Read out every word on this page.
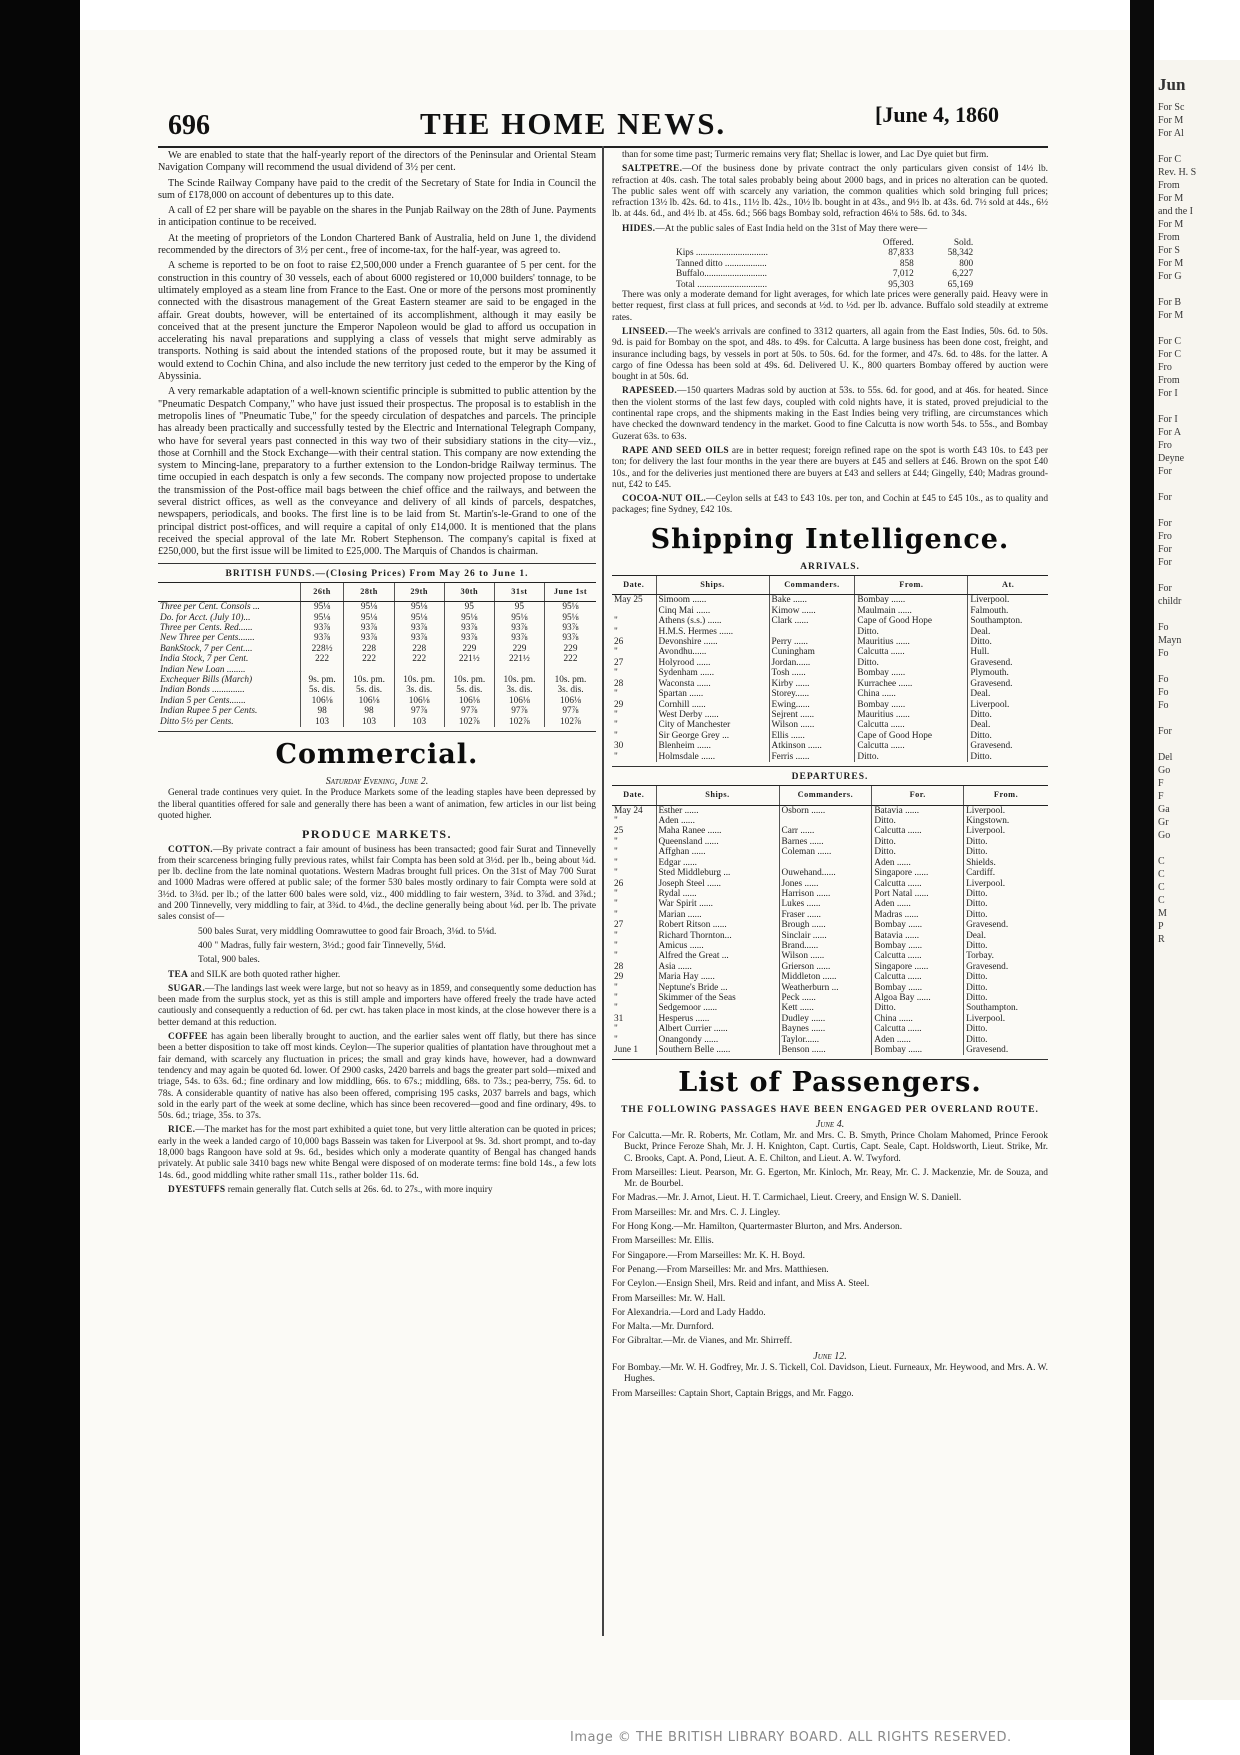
Jun
For Sc
For M
For Al

For C
Rev. H. S
From
For M
and the I
For M
From
For S
For M
For G

For B
For M

For C
For C
Fro
From
For I

For I
For A
Fro
Deyne
For

For

For
Fro
For
For

For
childr

Fo
Mayn
Fo

Fo
Fo
Fo

For

Del
Go
F
F
Ga
Gr
Go

C
C
C
C
M
P
R
696	THE HOME NEWS.	[June 4, 1860

We are enabled to state that the half-yearly report of the directors of the Peninsular and Oriental Steam Navigation Company will recommend the usual dividend of 3½ per cent.

The Scinde Railway Company have paid to the credit of the Secretary of State for India in Council the sum of £178,000 on account of debentures up to this date.

A call of £2 per share will be payable on the shares in the Punjab Railway on the 28th of June. Payments in anticipation continue to be received.

At the meeting of proprietors of the London Chartered Bank of Australia, held on June 1, the dividend recommended by the directors of 3½ per cent., free of income-tax, for the half-year, was agreed to.

A scheme is reported to be on foot to raise £2,500,000 under a French guarantee of 5 per cent. for the construction in this country of 30 vessels, each of about 6000 registered or 10,000 builders' tonnage, to be ultimately employed as a steam line from France to the East. One or more of the persons most prominently connected with the disastrous management of the Great Eastern steamer are said to be engaged in the affair. Great doubts, however, will be entertained of its accomplishment, although it may easily be conceived that at the present juncture the Emperor Napoleon would be glad to afford us occupation in accelerating his naval preparations and supplying a class of vessels that might serve admirably as transports. Nothing is said about the intended stations of the proposed route, but it may be assumed it would extend to Cochin China, and also include the new territory just ceded to the emperor by the King of Abyssinia.

A very remarkable adaptation of a well-known scientific principle is submitted to public attention by the "Pneumatic Despatch Company," who have just issued their prospectus. The proposal is to establish in the metropolis lines of "Pneumatic Tube," for the speedy circulation of despatches and parcels. The principle has already been practically and successfully tested by the Electric and International Telegraph Company, who have for several years past connected in this way two of their subsidiary stations in the city—viz., those at Cornhill and the Stock Exchange—with their central station. This company are now extending the system to Mincing-lane, preparatory to a further extension to the London-bridge Railway terminus. The time occupied in each despatch is only a few seconds. The company now projected propose to undertake the transmission of the Post-office mail bags between the chief office and the railways, and between the several district offices, as well as the conveyance and delivery of all kinds of parcels, despatches, newspapers, periodicals, and books. The first line is to be laid from St. Martin's-le-Grand to one of the principal district post-offices, and will require a capital of only £14,000. It is mentioned that the plans received the special approval of the late Mr. Robert Stephenson. The company's capital is fixed at £250,000, but the first issue will be limited to £25,000. The Marquis of Chandos is chairman.

BRITISH FUNDS.—(Closing Prices) From May 26 to June 1.
	26th	28th	29th	30th	31st	June 1st
Three per Cent. Consols ...	95⅛	95⅛	95⅛	95	95	95⅛
Do. for Acct. (July 10)...	95⅛	95⅛	95⅛	95⅛	95⅛	95⅛
Three per Cents. Red......	93⅞	93⅞	93⅞	93⅞	93⅞	93⅞
New Three per Cents.......	93⅞	93⅞	93⅞	93⅞	93⅞	93⅞
BankStock, 7 per Cent....	228½	228	228	229	229	229
India Stock, 7 per Cent.	222	222	222	221½	221½	222
Indian New Loan ........						
Exchequer Bills (March)	9s. pm.	10s. pm.	10s. pm.	10s. pm.	10s. pm.	10s. pm.
Indian Bonds ..............	5s. dis.	5s. dis.	3s. dis.	5s. dis.	3s. dis.	3s. dis.
Indian 5 per Cents.......	106⅛	106⅛	106⅛	106⅛	106⅛	106⅛
Indian Rupee 5 per Cents.	98	98	97⅞	97⅞	97⅞	97⅞
Ditto 5½ per Cents.	103	103	103	102⅞	102⅞	102⅞
Commercial.
Saturday Evening, June 2.

General trade continues very quiet. In the Produce Markets some of the leading staples have been depressed by the liberal quantities offered for sale and generally there has been a want of animation, few articles in our list being quoted higher.

PRODUCE MARKETS.

COTTON.—By private contract a fair amount of business has been transacted; good fair Surat and Tinnevelly from their scarceness bringing fully previous rates, whilst fair Compta has been sold at 3½d. per lb., being about ¼d. per lb. decline from the late nominal quotations. Western Madras brought full prices. On the 31st of May 700 Surat and 1000 Madras were offered at public sale; of the former 530 bales mostly ordinary to fair Compta were sold at 3½d. to 3¾d. per lb.; of the latter 600 bales were sold, viz., 400 middling to fair western, 3¾d. to 3⅞d. and 3⅞d.; and 200 Tinnevelly, very middling to fair, at 3¾d. to 4⅛d., the decline generally being about ⅛d. per lb. The private sales consist of—

500 bales Surat, very middling Oomrawuttee to good fair Broach, 3⅛d. to 5⅛d.

400 " Madras, fully fair western, 3½d.; good fair Tinnevelly, 5⅛d.

Total, 900 bales.

TEA and SILK are both quoted rather higher.

SUGAR.—The landings last week were large, but not so heavy as in 1859, and consequently some deduction has been made from the surplus stock, yet as this is still ample and importers have offered freely the trade have acted cautiously and consequently a reduction of 6d. per cwt. has taken place in most kinds, at the close however there is a better demand at this reduction.

COFFEE has again been liberally brought to auction, and the earlier sales went off flatly, but there has since been a better disposition to take off most kinds. Ceylon—The superior qualities of plantation have throughout met a fair demand, with scarcely any fluctuation in prices; the small and gray kinds have, however, had a downward tendency and may again be quoted 6d. lower. Of 2900 casks, 2420 barrels and bags the greater part sold—mixed and triage, 54s. to 63s. 6d.; fine ordinary and low middling, 66s. to 67s.; middling, 68s. to 73s.; pea-berry, 75s. 6d. to 78s. A considerable quantity of native has also been offered, comprising 195 casks, 2037 barrels and bags, which sold in the early part of the week at some decline, which has since been recovered—good and fine ordinary, 49s. to 50s. 6d.; triage, 35s. to 37s.

RICE.—The market has for the most part exhibited a quiet tone, but very little alteration can be quoted in prices; early in the week a landed cargo of 10,000 bags Bassein was taken for Liverpool at 9s. 3d. short prompt, and to-day 18,000 bags Rangoon have sold at 9s. 6d., besides which only a moderate quantity of Bengal has changed hands privately. At public sale 3410 bags new white Bengal were disposed of on moderate terms: fine bold 14s., a few lots 14s. 6d., good middling white rather small 11s., rather bolder 11s. 6d.

DYESTUFFS remain generally flat. Cutch sells at 26s. 6d. to 27s., with more inquiry

than for some time past; Turmeric remains very flat; Shellac is lower, and Lac Dye quiet but firm.

SALTPETRE.—Of the business done by private contract the only particulars given consist of 14½ lb. refraction at 40s. cash. The total sales probably being about 2000 bags, and in prices no alteration can be quoted. The public sales went off with scarcely any variation, the common qualities which sold bringing full prices; refraction 13½ lb. 42s. 6d. to 41s., 11½ lb. 42s., 10½ lb. bought in at 43s., and 9½ lb. at 43s. 6d. 7½ sold at 44s., 6½ lb. at 44s. 6d., and 4½ lb. at 45s. 6d.; 566 bags Bombay sold, refraction 46¼ to 58s. 6d. to 34s.

HIDES.—At the public sales of East India held on the 31st of May there were—

	Offered.	Sold.
Kips ...............................	87,833	58,342
Tanned ditto ..................	858	800
Buffalo...........................	7,012	6,227
Total ..............................	95,303	65,169

There was only a moderate demand for light averages, for which late prices were generally paid. Heavy were in better request, first class at full prices, and seconds at ½d. to ½d. per lb. advance. Buffalo sold steadily at extreme rates.

LINSEED.—The week's arrivals are confined to 3312 quarters, all again from the East Indies, 50s. 6d. to 50s. 9d. is paid for Bombay on the spot, and 48s. to 49s. for Calcutta. A large business has been done cost, freight, and insurance including bags, by vessels in port at 50s. to 50s. 6d. for the former, and 47s. 6d. to 48s. for the latter. A cargo of fine Odessa has been sold at 49s. 6d. Delivered U. K., 800 quarters Bombay offered by auction were bought in at 50s. 6d.

RAPESEED.—150 quarters Madras sold by auction at 53s. to 55s. 6d. for good, and at 46s. for heated. Since then the violent storms of the last few days, coupled with cold nights have, it is stated, proved prejudicial to the continental rape crops, and the shipments making in the East Indies being very trifling, are circumstances which have checked the downward tendency in the market. Good to fine Calcutta is now worth 54s. to 55s., and Bombay Guzerat 63s. to 63s.

RAPE AND SEED OILS are in better request; foreign refined rape on the spot is worth £43 10s. to £43 per ton; for delivery the last four months in the year there are buyers at £45 and sellers at £46. Brown on the spot £40 10s., and for the deliveries just mentioned there are buyers at £43 and sellers at £44; Gingelly, £40; Madras ground-nut, £42 to £45.

COCOA-NUT OIL.—Ceylon sells at £43 to £43 10s. per ton, and Cochin at £45 to £45 10s., as to quality and packages; fine Sydney, £42 10s.

Shipping Intelligence.
ARRIVALS.
Date.	Ships.	Commanders.	From.	At.
May 25	Simoom ......	Bake ......	Bombay ......	Liverpool.
	Cinq Mai ......	Kimow ......	Maulmain ......	Falmouth.
"	Athens (s.s.) ......	Clark ......	Cape of Good Hope	Southampton.
"	H.M.S. Hermes ......		Ditto.	Deal.
26	Devonshire ......	Perry ......	Mauritius ......	Ditto.
"	Avondhu......	Cuningham	Calcutta ......	Hull.
27	Holyrood ......	Jordan......	Ditto.	Gravesend.
"	Sydenham ......	Tosh ......	Bombay ......	Plymouth.
28	Waconsta ......	Kirby ......	Kurrachee ......	Gravesend.
"	Spartan ......	Storey......	China ......	Deal.
29	Cornhill ......	Ewing......	Bombay ......	Liverpool.
"	West Derby ......	Sejrent ......	Mauritius ......	Ditto.
"	City of Manchester	Wilson ......	Calcutta ......	Deal.
"	Sir George Grey ...	Ellis ......	Cape of Good Hope	Ditto.
30	Blenheim ......	Atkinson ......	Calcutta ......	Gravesend.
"	Holmsdale ......	Ferris ......	Ditto.	Ditto.
DEPARTURES.
Date.	Ships.	Commanders.	For.	From.
May 24	Esther ......	Osborn ......	Batavia ......	Liverpool.
"	Aden ......		Ditto.	Kingstown.
25	Maha Ranee ......	Carr ......	Calcutta ......	Liverpool.
"	Queensland ......	Barnes ......	Ditto.	Ditto.
"	Affghan ......	Coleman ......	Ditto.	Ditto.
"	Edgar ......		Aden ......	Shields.
"	Sted Middleburg ...	Ouwehand......	Singapore ......	Cardiff.
26	Joseph Steel ......	Jones ......	Calcutta ......	Liverpool.
"	Rydal ......	Harrison ......	Port Natal ......	Ditto.
"	War Spirit ......	Lukes ......	Aden ......	Ditto.
"	Marian ......	Fraser ......	Madras ......	Ditto.
27	Robert Ritson ......	Brough ......	Bombay ......	Gravesend.
"	Richard Thornton...	Sinclair ......	Batavia ......	Deal.
"	Amicus ......	Brand......	Bombay ......	Ditto.
"	Alfred the Great ...	Wilson ......	Calcutta ......	Torbay.
28	Asia ......	Grierson ......	Singapore ......	Gravesend.
29	Maria Hay ......	Middleton ......	Calcutta ......	Ditto.
"	Neptune's Bride ...	Weatherburn ...	Bombay ......	Ditto.
"	Skimmer of the Seas	Peck ......	Algoa Bay ......	Ditto.
"	Sedgemoor ......	Kett ......	Ditto.	Southampton.
31	Hesperus ......	Dudley ......	China ......	Liverpool.
"	Albert Currier ......	Baynes ......	Calcutta ......	Ditto.
"	Onangondy ......	Taylor......	Aden ......	Ditto.
June 1	Southern Belle ......	Benson ......	Bombay ......	Gravesend.
List of Passengers.
THE FOLLOWING PASSAGES HAVE BEEN ENGAGED PER OVERLAND ROUTE.
June 4.

For Calcutta.—Mr. R. Roberts, Mr. Cotlam, Mr. and Mrs. C. B. Smyth, Prince Cholam Mahomed, Prince Ferook Buckt, Prince Feroze Shah, Mr. J. H. Knighton, Capt. Curtis, Capt. Seale, Capt. Holdsworth, Lieut. Strike, Mr. C. Brooks, Capt. A. Pond, Lieut. A. E. Chilton, and Lieut. A. W. Twyford.

From Marseilles: Lieut. Pearson, Mr. G. Egerton, Mr. Kinloch, Mr. Reay, Mr. C. J. Mackenzie, Mr. de Souza, and Mr. de Bourbel.

For Madras.—Mr. J. Arnot, Lieut. H. T. Carmichael, Lieut. Creery, and Ensign W. S. Daniell.

From Marseilles: Mr. and Mrs. C. J. Lingley.

For Hong Kong.—Mr. Hamilton, Quartermaster Blurton, and Mrs. Anderson.

From Marseilles: Mr. Ellis.

For Singapore.—From Marseilles: Mr. K. H. Boyd.

For Penang.—From Marseilles: Mr. and Mrs. Matthiesen.

For Ceylon.—Ensign Sheil, Mrs. Reid and infant, and Miss A. Steel.

From Marseilles: Mr. W. Hall.

For Alexandria.—Lord and Lady Haddo.

For Malta.—Mr. Durnford.

For Gibraltar.—Mr. de Vianes, and Mr. Shirreff.

June 12.

For Bombay.—Mr. W. H. Godfrey, Mr. J. S. Tickell, Col. Davidson, Lieut. Furneaux, Mr. Heywood, and Mrs. A. W. Hughes.

From Marseilles: Captain Short, Captain Briggs, and Mr. Faggo.

Image © THE BRITISH LIBRARY BOARD. ALL RIGHTS RESERVED.
